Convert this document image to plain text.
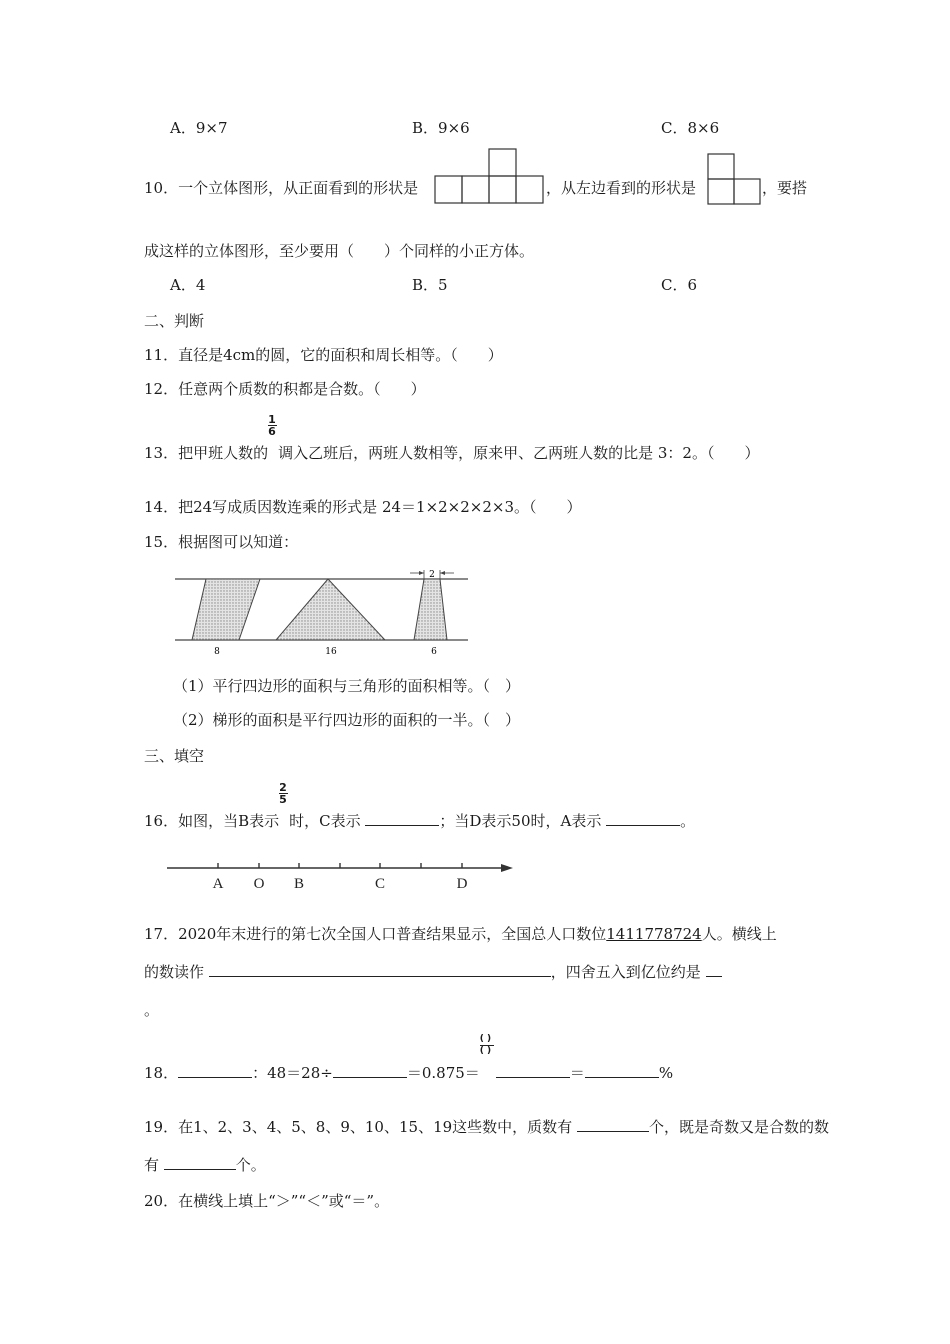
A．9×7	B．9×6	C．8×6
10．一个立体图形，从正面看到的形状是	，从左边看到的形状是	，要搭
成这样的立体图形，至少要用（　　）个同样的小正方体。
A．4	B．5	C．6
二、判断
11．直径是4cm的圆，它的面积和周长相等。（　　）
12．任意两个质数的积都是合数。（　　）
13．把甲班人数的 $\frac{1}{6}$ 调入乙班后，两班人数相等，原来甲、乙两班人数的比是 3：2。（　　）
14．把24写成质因数连乘的形式是 24＝1×2×2×2×3。（　　）
15．根据图可以知道：
2
8	16	6
（1）平行四边形的面积与三角形的面积相等。（　）
（2）梯形的面积是平行四边形的面积的一半。（　）
三、填空
16．如图，当B表示 $\frac{2}{5}$ 时，C表示	；当D表示50时，A表示	。
A O B	C	D
17．2020年末进行的第七次全国人口普查结果显示，全国总人口数位1411778724人。横线上
的数读作	，四舍五入到亿位约是
。
18．	：48＝28÷	$=0.875= \frac{( )}{( )}$	＝	%
19．在1、2、3、4、5、8、9、10、15、19这些数中，质数有	个，既是奇数又是合数的数
有	个。
20．在横线上填上“＞”“＜”或“＝”。
